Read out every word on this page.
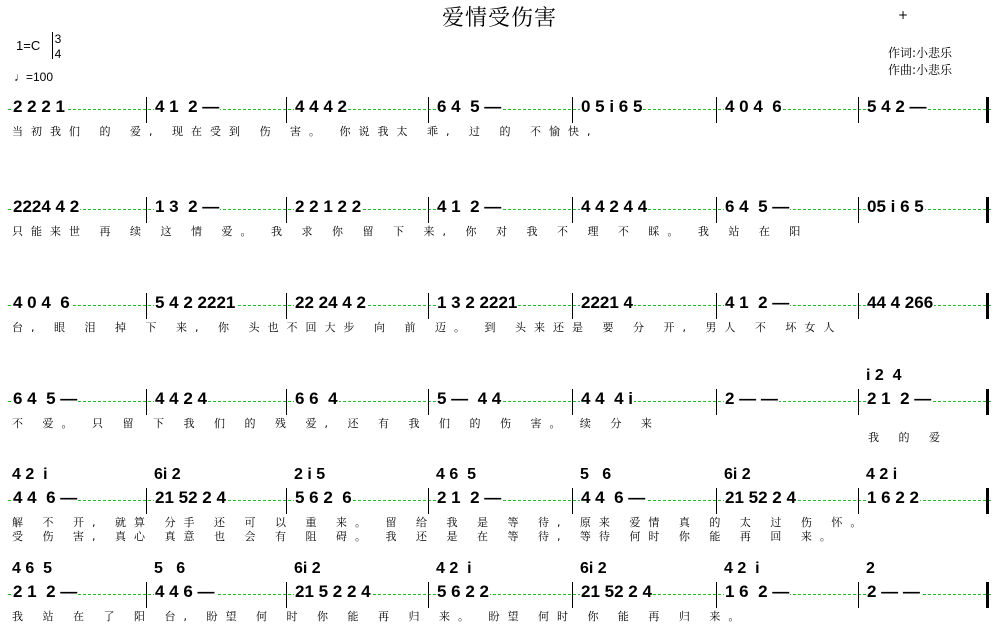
爱情受伤害	+
1=C 3
4
♩=100
作词:小悲乐
作曲:小悲乐
2 2 2 1	4 1  2 —	4 4 4 2	6 4  5 —	0 5 i 6 5	4 0 4  6	5 4 2 —
当初我们 的 爱, 现在受到 伤 害。 你说我太 乖, 过 的 不愉快,
2224 4 2	1 3  2 —	2 2 1 2 2	4 1  2 —	4 4 2 4 4	6 4  5 —	05 i 6 5
只能来世 再 续 这 情 爱。 我 求 你 留 下 来, 你 对 我 不 理 不 睬。 我 站 在 阳
4 0 4  6	5 4 2 2221	22 24 4 2	1 3 2 2221	2221 4	4 1  2 —	44 4 266
台, 眼 泪 掉 下 来, 你 头也不回大步 向 前 迈。 到 头来还是 要 分 开, 男人 不 坏女人
6 4  5 —	4 4 2 4	6 6  4	5 —  4 4	4 4  4 i	2 — —	2 1  2 —
i 2  4
不 爱。 只 留 下 我 们 的 残 爱, 还 有 我 们 的 伤 害。 续 分 来
我 的 爱
4 4  6 —	21 52 2 4	5 6 2  6	2 1  2 —	4 4  6 —	21 52 2 4	1 6 2 2
4 2  i	6i 2	2 i 5	4 6  5	5   6	6i 2	4 2 i
解 不 开, 就算 分手 还 可 以 重 来。 留 给 我 是 等 待, 原来 爱情 真 的 太 过 伤 怀。
受 伤 害, 真心 真意 也 会 有 阻 碍。 我 还 是 在 等 待, 等待 何时 你 能 再 回 来。
2 1  2 —	4 4 6 —	21 5 2 2 4	5 6 2 2	21 52 2 4	1 6  2 —	2 — —
4 6  5	5   6	6i 2	4 2  i	6i 2	4 2  i	2
我 站 在 了 阳 台, 盼望 何 时 你 能 再 归 来。 盼望 何时 你 能 再 归 来。
